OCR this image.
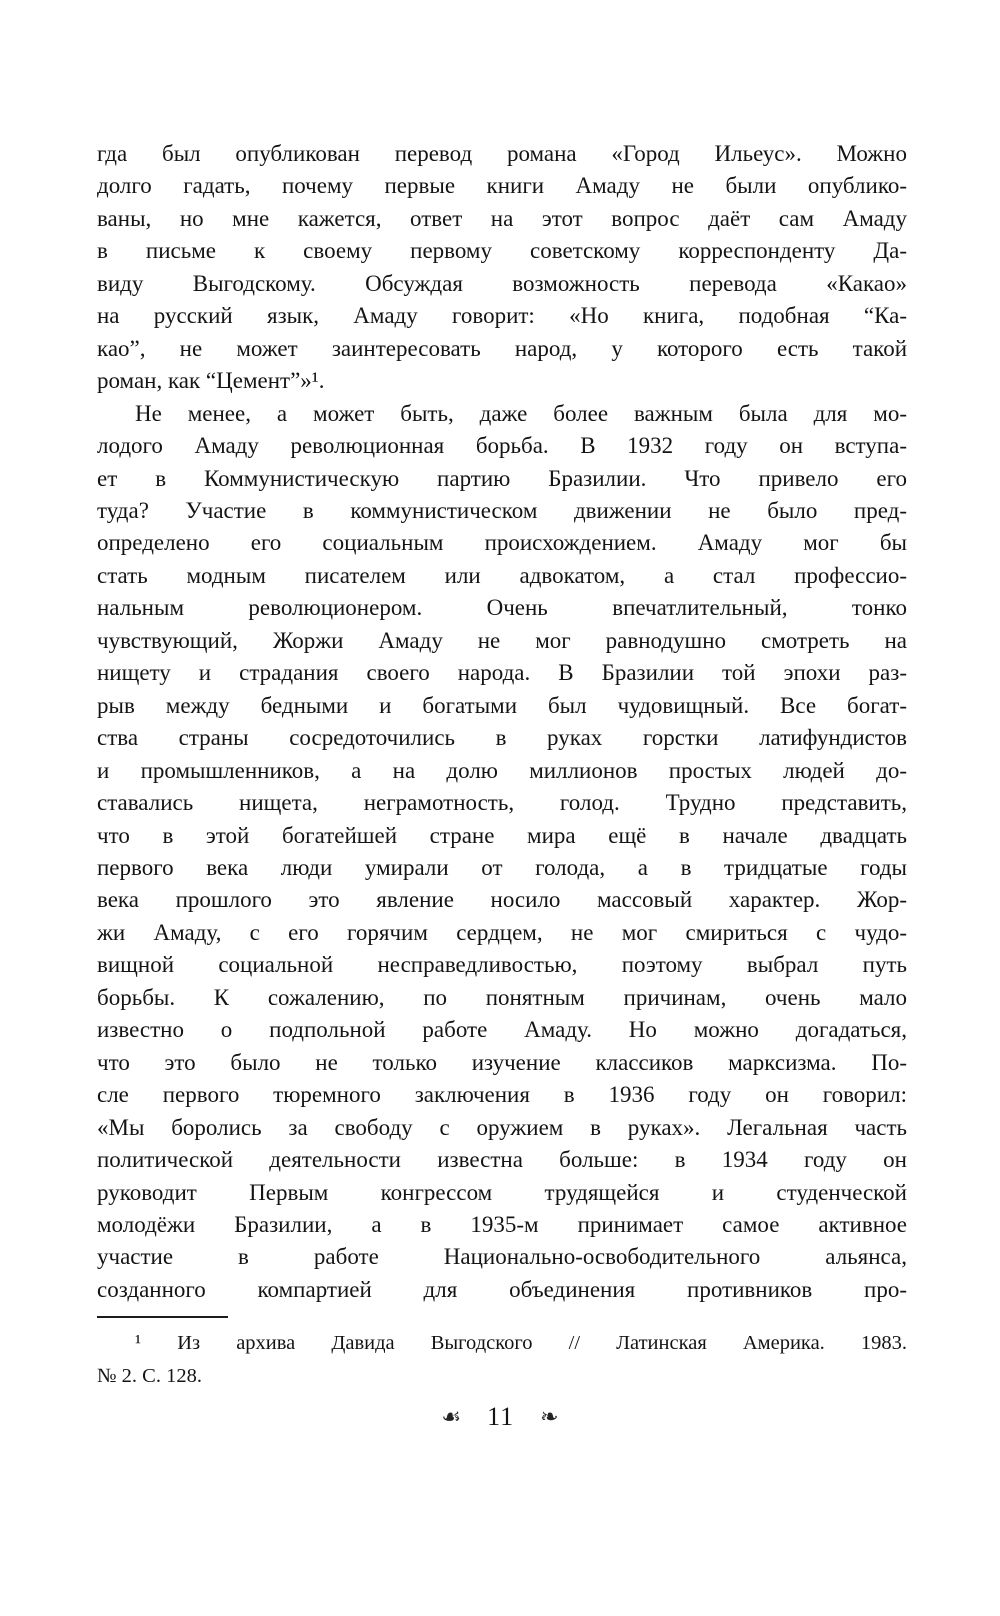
гда был опубликован перевод романа «Город Ильеус». Можно
долго гадать, почему первые книги Амаду не были опублико-
ваны, но мне кажется, ответ на этот вопрос даёт сам Амаду
в письме к своему первому советскому корреспонденту Да-
виду Выгодскому. Обсуждая возможность перевода «Какао»
на русский язык, Амаду говорит: «Но книга, подобная “Ка-
као”, не может заинтересовать народ, у которого есть такой
роман, как “Цемент”»¹.
Не менее, а может быть, даже более важным была для мо-
лодого Амаду революционная борьба. В 1932 году он вступа-
ет в Коммунистическую партию Бразилии. Что привело его
туда? Участие в коммунистическом движении не было пред-
определено его социальным происхождением. Амаду мог бы
стать модным писателем или адвокатом, а стал профессио-
нальным революционером. Очень впечатлительный, тонко
чувствующий, Жоржи Амаду не мог равнодушно смотреть на
нищету и страдания своего народа. В Бразилии той эпохи раз-
рыв между бедными и богатыми был чудовищный. Все богат-
ства страны сосредоточились в руках горстки латифундистов
и промышленников, а на долю миллионов простых людей до-
ставались нищета, неграмотность, голод. Трудно представить,
что в этой богатейшей стране мира ещё в начале двадцать
первого века люди умирали от голода, а в тридцатые годы
века прошлого это явление носило массовый характер. Жор-
жи Амаду, с его горячим сердцем, не мог смириться с чудо-
вищной социальной несправедливостью, поэтому выбрал путь
борьбы. К сожалению, по понятным причинам, очень мало
известно о подпольной работе Амаду. Но можно догадаться,
что это было не только изучение классиков марксизма. По-
сле первого тюремного заключения в 1936 году он говорил:
«Мы боролись за свободу с оружием в руках». Легальная часть
политической деятельности известна больше: в 1934 году он
руководит Первым конгрессом трудящейся и студенческой
молодёжи Бразилии, а в 1935-м принимает самое активное
участие в работе Национально-освободительного альянса,
созданного компартией для объединения противников про-
¹ Из архива Давида Выгодского // Латинская Америка. 1983.
№ 2. С. 128.
☙ 11 ❧
